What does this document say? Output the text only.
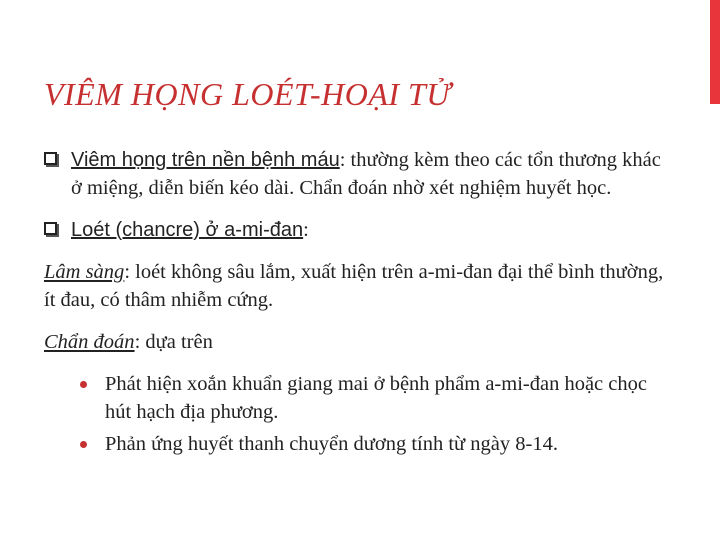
VIÊM HỌNG LOÉT-HOẠI TỬ
Viêm họng trên nền bệnh máu: thường kèm theo các tổn thương khác ở miệng, diễn biến kéo dài. Chẩn đoán nhờ xét nghiệm huyết học.
Loét (chancre) ở a-mi-đan:
Lâm sàng: loét không sâu lắm, xuất hiện trên a-mi-đan đại thể bình thường, ít đau, có thâm nhiễm cứng.
Chẩn đoán: dựa trên
Phát hiện xoắn khuẩn giang mai ở bệnh phẩm a-mi-đan hoặc chọc hút hạch địa phương.
Phản ứng huyết thanh chuyển dương tính từ ngày 8-14.
